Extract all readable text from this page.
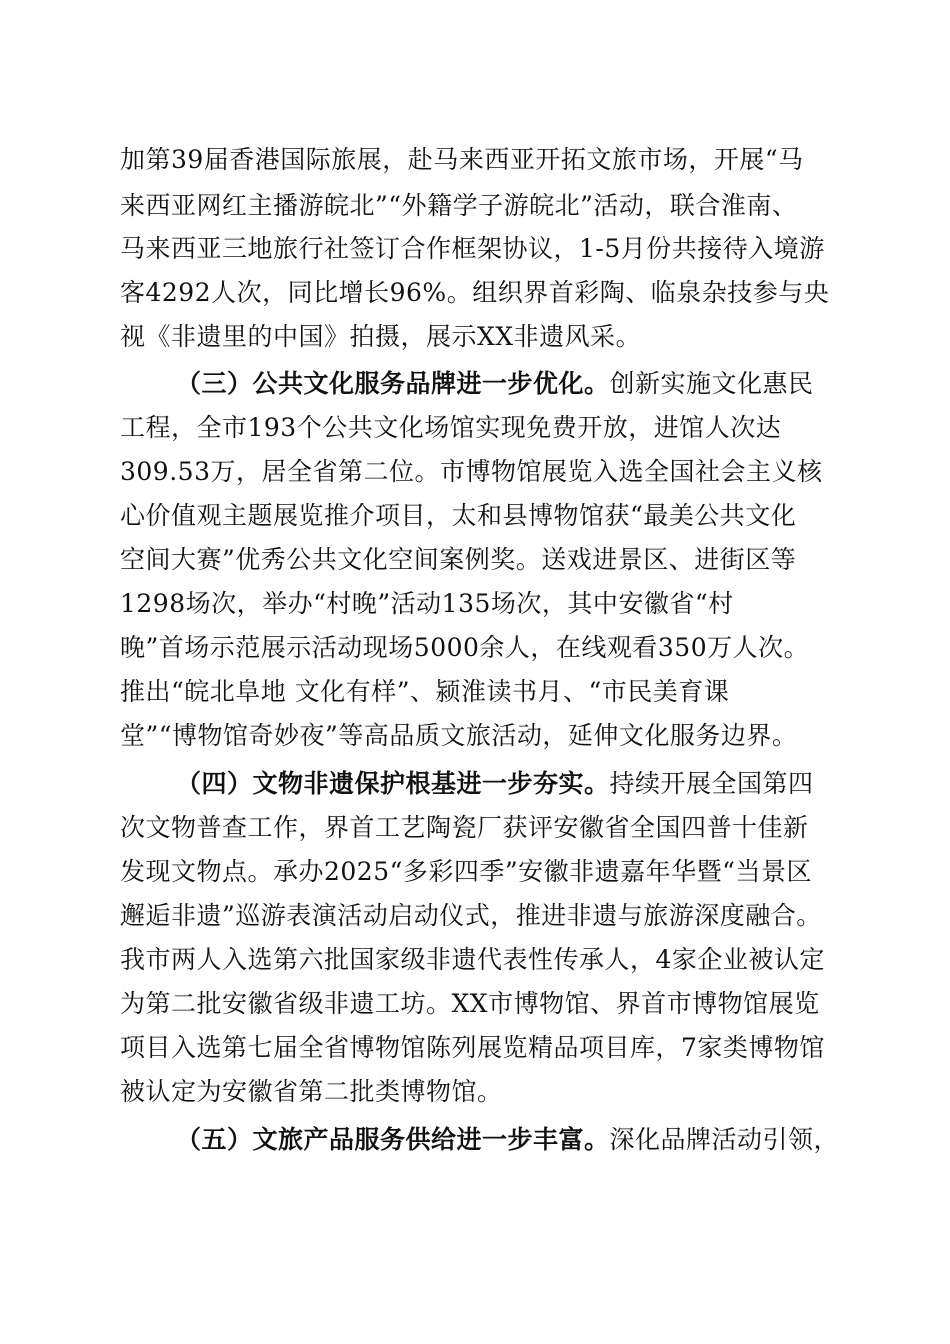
加第39届香港国际旅展，赴马来西亚开拓文旅市场，开展“马
来西亚网红主播游皖北”“外籍学子游皖北”活动，联合淮南、
马来西亚三地旅行社签订合作框架协议，1-5月份共接待入境游
客4292人次，同比增长96%。组织界首彩陶、临泉杂技参与央
视《非遗里的中国》拍摄，展示XX非遗风采。
（三）公共文化服务品牌进一步优化。创新实施文化惠民
工程，全市193个公共文化场馆实现免费开放，进馆人次达
309.53万，居全省第二位。市博物馆展览入选全国社会主义核
心价值观主题展览推介项目，太和县博物馆获“最美公共文化
空间大赛”优秀公共文化空间案例奖。送戏进景区、进街区等
1298场次，举办“村晚”活动135场次，其中安徽省“村
晚”首场示范展示活动现场5000余人，在线观看350万人次。
推出“皖北阜地 文化有样”、颍淮读书月、“市民美育课
堂”“博物馆奇妙夜”等高品质文旅活动，延伸文化服务边界。
（四）文物非遗保护根基进一步夯实。持续开展全国第四
次文物普查工作，界首工艺陶瓷厂获评安徽省全国四普十佳新
发现文物点。承办2025“多彩四季”安徽非遗嘉年华暨“当景区
邂逅非遗”巡游表演活动启动仪式，推进非遗与旅游深度融合。
我市两人入选第六批国家级非遗代表性传承人，4家企业被认定
为第二批安徽省级非遗工坊。XX市博物馆、界首市博物馆展览
项目入选第七届全省博物馆陈列展览精品项目库，7家类博物馆
被认定为安徽省第二批类博物馆。
（五）文旅产品服务供给进一步丰富。深化品牌活动引领，
